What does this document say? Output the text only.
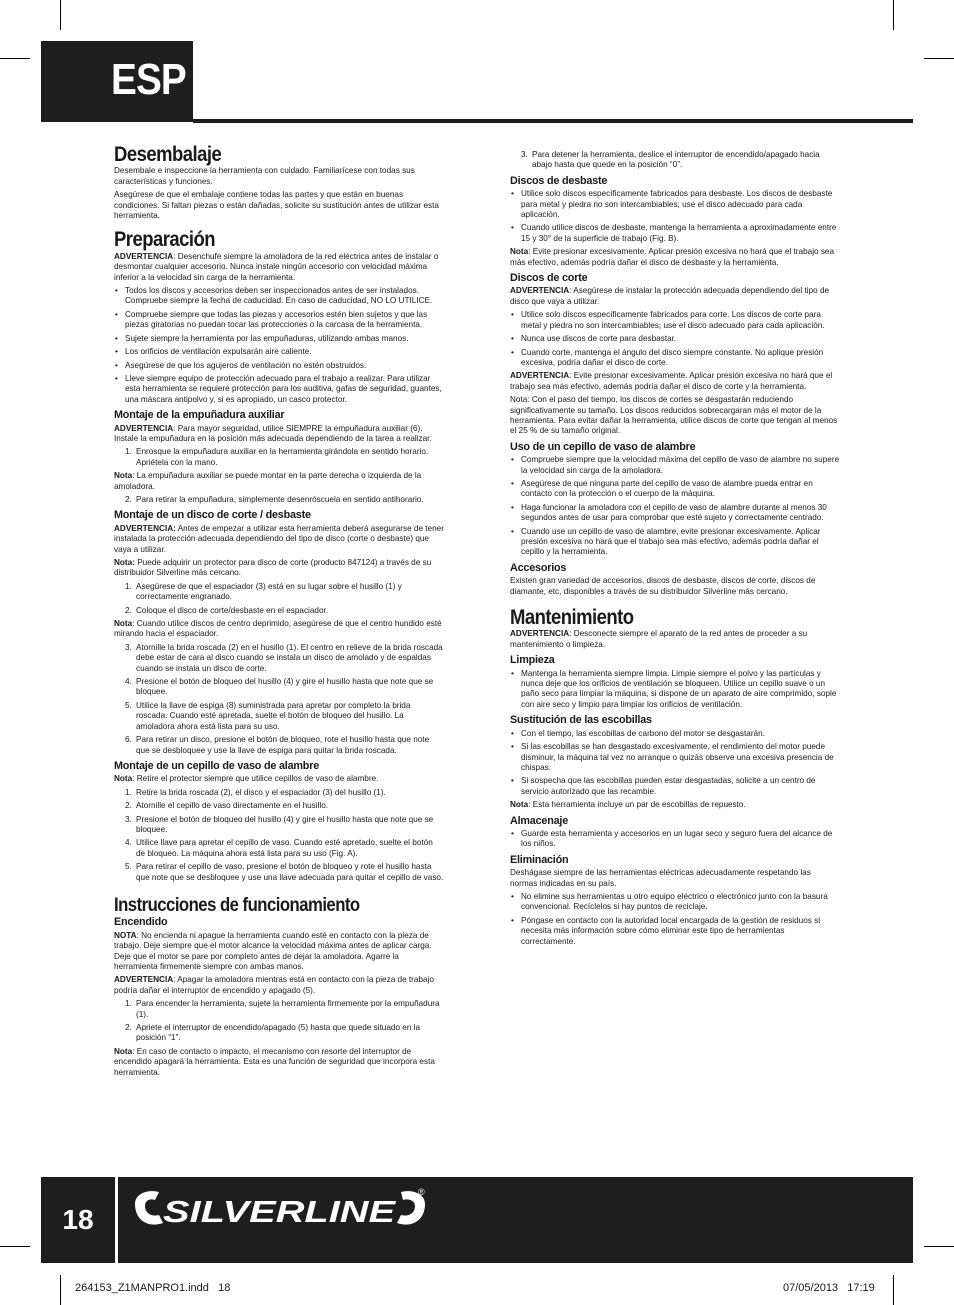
ESP
Desembalaje

Desembale e inspeccione la herramienta con cuidado. Familiarícese con todas sus características y funciones.

Asegúrese de que el embalaje contiene todas las partes y que están en buenas condiciones. Si faltan piezas o están dañadas, solicite su sustitución antes de utilizar esta herramienta.

Preparación

ADVERTENCIA: Desenchufe siempre la amoladora de la red eléctrica antes de instalar o desmontar cualquier accesorio. Nunca instale ningún accesorio con velocidad máxima inferior a la velocidad sin carga de la herramienta.

• Todos los discos y accesorios deben ser inspeccionados antes de ser instalados. Compruebe siempre la fecha de caducidad. En caso de caducidad, NO LO UTILICE.
• Compruebe siempre que todas las piezas y accesorios estén bien sujetos y que las piezas giratorias no puedan tocar las protecciones o la carcasa de la herramienta.
• Sujete siempre la herramienta por las empuñaduras, utilizando ambas manos.
• Los orificios de ventilación expulsarán aire caliente.
• Asegúrese de que los agujeros de ventilación no estén obstruidos.
• Lleve siempre equipo de protección adecuado para el trabajo a realizar. Para utilizar esta herramienta se requiere protección para los auditiva, gafas de seguridad, guantes, una máscara antipolvo y, si es apropiado, un casco protector.
Montaje de la empuñadura auxiliar

ADVERTENCIA: Para mayor seguridad, utilice SIEMPRE la empuñadura auxiliar (6). Instale la empuñadura en la posición más adecuada dependiendo de la tarea a realizar.

1. Enrosque la empuñadura auxiliar en la herramienta girándola en sentido horario. Apriétela con la mano.

Nota: La empuñadura auxiliar se puede montar en la parte derecha o izquierda de la amoladora.

2. Para retirar la empuñadura, simplemente desenróscuela en sentido antihorario.
Montaje de un disco de corte / desbaste

ADVERTENCIA: Antes de empezar a utilizar esta herramienta deberá asegurarse de tener instalada la protección adecuada dependiendo del tipo de disco (corte o desbaste) que vaya a utilizar.

Nota: Puede adquirir un protector para disco de corte (producto 847124) a través de su distribuidor Silverline más cercano.

1. Asegúrese de que el espaciador (3) está en su lugar sobre el husillo (1) y correctamente engranado.
2. Coloque el disco de corte/desbaste en el espaciador.

Nota: Cuando utilice discos de centro deprimido, asegúrese de que el centro hundido esté mirando hacia el espaciador.

3. Atornille la brida roscada (2) en el husillo (1). El centro en relieve de la brida roscada debe estar de cara al disco cuando se instala un disco de amolado y de espaldas cuando se instala un disco de corte.
4. Presione el botón de bloqueo del husillo (4) y gire el husillo hasta que note que se bloquee.
5. Utilice la llave de espiga (8) suministrada para apretar por completo la brida roscada. Cuando esté apretada, suelte el botón de bloqueo del husillo. La amoladora ahora está lista para su uso.
6. Para retirar un disco, presione el botón de bloqueo, rote el husillo hasta que note que se desbloquee y use la llave de espiga para quitar la brida roscada.
Montaje de un cepillo de vaso de alambre

Nota: Retire el protector siempre que utilice cepillos de vaso de alambre.

1. Retire la brida roscada (2), el disco y el espaciador (3) del husillo (1).
2. Atornille el cepillo de vaso directamente en el husillo.
3. Presione el botón de bloqueo del husillo (4) y gire el husillo hasta que note que se bloquee.
4. Utilice llave para apretar el cepillo de vaso. Cuando esté apretado, suelte el botón de bloqueo. La máquina ahora está lista para su uso (Fig. A).
5. Para retirar el cepillo de vaso, presione el botón de bloqueo y rote el husillo hasta que note que se desbloquee y use una llave adecuada para quitar el cepillo de vaso.
Instrucciones de funcionamiento
Encendido

NOTA: No encienda ni apague la herramienta cuando esté en contacto con la pieza de trabajo. Deje siempre que el motor alcance la velocidad máxima antes de aplicar carga. Deje que el motor se pare por completo antes de dejar la amoladora. Agarre la herramienta firmemente siempre con ambas manos.

ADVERTENCIA: Apagar la amoladora mientras está en contacto con la pieza de trabajo podría dañar el interruptor de encendido y apagado (5).

1. Para encender la herramienta, sujete la herramienta firmemente por la empuñadura (1).
2. Apriete el interruptor de encendido/apagado (5) hasta que quede situado en la posición “1”.

Nota: En caso de contacto o impacto, el mecanismo con resorte del interruptor de encendido apagará la herramienta. Esta es una función de seguridad que incorpora esta herramienta.

3. Para detener la herramienta, deslice el interruptor de encendido/apagado hacia abajo hasta que quede en la posición “0”.
Discos de desbaste
• Utilice solo discos específicamente fabricados para desbaste. Los discos de desbaste para metal y piedra no son intercambiables; use el disco adecuado para cada aplicación.
• Cuando utilice discos de desbaste, mantenga la herramienta a aproximadamente entre 15 y 30° de la superficie de trabajo (Fig. B).

Nota: Evite presionar excesivamente. Aplicar presión excesiva no hará que el trabajo sea más efectivo, además podría dañar el disco de desbaste y la herramienta.

Discos de corte

ADVERTENCIA: Asegúrese de instalar la protección adecuada dependiendo del tipo de disco que vaya a utilizar.

• Utilice solo discos específicamente fabricados para corte. Los discos de corte para metal y piedra no son intercambiables; use el disco adecuado para cada aplicación.
• Nunca use discos de corte para desbastar.
• Cuando corte, mantenga el ángulo del disco siempre constante. No aplique presión excesiva, podría dañar el disco de corte.

ADVERTENCIA: Evite presionar excesivamente. Aplicar presión excesiva no hará que el trabajo sea más efectivo, además podría dañar el disco de corte y la herramienta.

Nota: Con el paso del tiempo, los discos de cortes se desgastarán reduciendo significativamente su tamaño. Los discos reducidos sobrecargaran más el motor de la herramienta. Para evitar dañar la herramienta, utilice discos de corte que tengan al menos el 25 % de su tamaño original.

Uso de un cepillo de vaso de alambre
• Compruebe siempre que la velocidad máxima del cepillo de vaso de alambre no supere la velocidad sin carga de la amoladora.
• Asegúrese de que ninguna parte del cepillo de vaso de alambre pueda entrar en contacto con la protección o el cuerpo de la máquina.
• Haga funcionar la amoladora con el cepillo de vaso de alambre durante al menos 30 segundos antes de usar para comprobar que esté sujeto y correctamente centrado.
• Cuando use un cepillo de vaso de alambre, evite presionar excesivamente. Aplicar presión excesiva no hará que el trabajo sea más efectivo, además podría dañar el cepillo y la herramienta.
Accesorios

Existen gran variedad de accesorios, discos de desbaste, discos de corte, discos de diamante, etc, disponibles a través de su distribuidor Silverline más cercano.

Mantenimiento

ADVERTENCIA: Desconecte siempre el aparato de la red antes de proceder a su mantenimiento o limpieza.

Limpieza
• Mantenga la herramienta siempre limpia. Limpie siempre el polvo y las partículas y nunca deje que los orificios de ventilación se bloqueen. Utilice un cepillo suave o un paño seco para limpiar la máquina, si dispone de un aparato de aire comprimido, sople con aire seco y limpio para limpiar los orificios de ventilación.
Sustitución de las escobillas
• Con el tiempo, las escobillas de carbono del motor se desgastarán.
• Si las escobillas se han desgastado excesivamente, el rendimiento del motor puede disminuir, la máquina tal vez no arranque o quizás observe una excesiva presencia de chispas.
• Si sospecha que las escobillas pueden estar desgastadas, solicite a un centro de servicio autorizado que las recambie.

Nota: Esta herramienta incluye un par de escobillas de repuesto.

Almacenaje
• Guarde esta herramienta y accesorios en un lugar seco y seguro fuera del alcance de los niños.
Eliminación

Deshágase siempre de las herramientas eléctricas adecuadamente respetando las normas indicadas en su país.

• No elimine sus herramientas u otro equipo eléctrico o electrónico junto con la basura convencional. Recíclelos si hay puntos de reciclaje.
• Póngase en contacto con la autoridad local encargada de la gestión de residuos si necesita más información sobre cómo eliminar este tipo de herramientas correctamente.
18	SILVERLINE
®
264153_Z1MANPRO1.indd   18	07/05/2013   17:19
